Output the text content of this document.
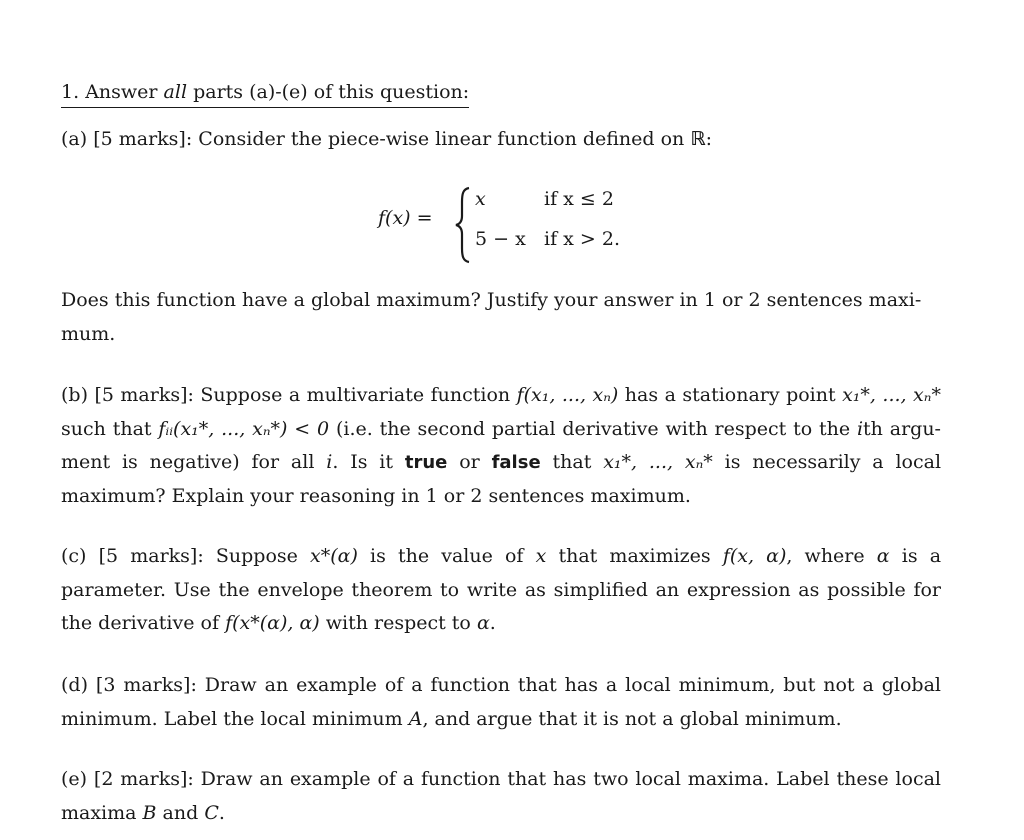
1. Answer all parts (a)-(e) of this question:
(a) [5 marks]: Consider the piece-wise linear function defined on ℝ:
f(x) =
x	if x ≤ 2
5 − x if x > 2.
Does this function have a global maximum? Justify your answer in 1 or 2 sentences maxi-
mum.
(b) [5 marks]: Suppose a multivariate function f(x₁, ..., xₙ) has a stationary point x₁*, ..., xₙ* such that fᵢᵢ(x₁*, ..., xₙ*) < 0 (i.e. the second partial derivative with respect to the ith argu- ment is negative) for all i. Is it true or false that x₁*, ..., xₙ* is necessarily a local maximum? Explain your reasoning in 1 or 2 sentences maximum.
(c) [5 marks]: Suppose x*(α) is the value of x that maximizes f(x, α), where α is a parameter. Use the envelope theorem to write as simplified an expression as possible for the derivative of f(x*(α), α) with respect to α.
(d) [3 marks]: Draw an example of a function that has a local minimum, but not a global minimum. Label the local minimum A, and argue that it is not a global minimum.
(e) [2 marks]: Draw an example of a function that has two local maxima. Label these local maxima B and C.
